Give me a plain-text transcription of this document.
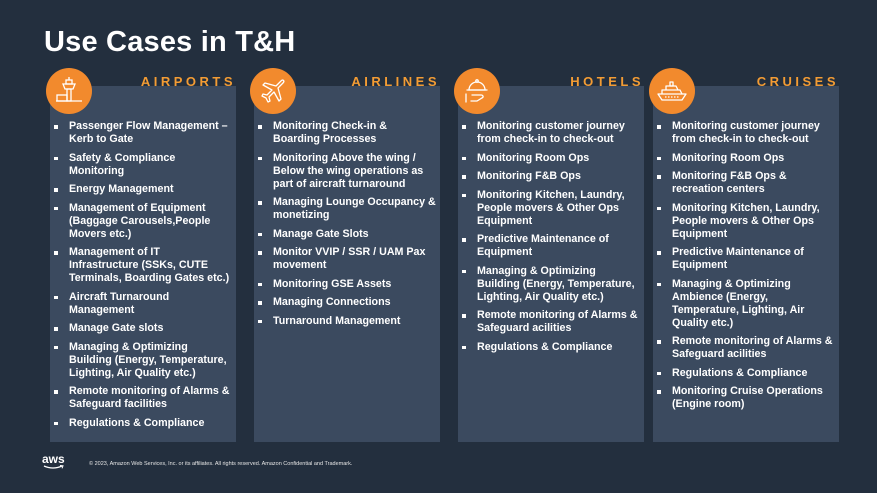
Use Cases in T&H
AIRPORTS
Passenger Flow Management – Kerb to Gate
Safety & Compliance Monitoring
Energy Management
Management of Equipment (Baggage Carousels,People Movers etc.)
Management of IT Infrastructure (SSKs, CUTE Terminals, Boarding Gates etc.)
Aircraft Turnaround Management
Manage Gate slots
Managing & Optimizing Building (Energy, Temperature, Lighting, Air Quality etc.)
Remote monitoring of Alarms & Safeguard facilities
Regulations & Compliance
AIRLINES
Monitoring Check-in & Boarding Processes
Monitoring Above the wing / Below the wing operations as part of aircraft turnaround
Managing Lounge Occupancy & monetizing
Manage Gate Slots
Monitor VVIP / SSR / UAM Pax movement
Monitoring GSE Assets
Managing Connections
Turnaround Management
HOTELS
Monitoring customer journey from check-in to check-out
Monitoring Room Ops
Monitoring F&B Ops
Monitoring Kitchen, Laundry, People movers & Other Ops Equipment
Predictive Maintenance of Equipment
Managing & Optimizing Building (Energy, Temperature, Lighting, Air Quality etc.)
Remote monitoring of Alarms & Safeguard acilities
Regulations & Compliance
CRUISES
Monitoring customer journey from check-in to check-out
Monitoring Room Ops
Monitoring F&B Ops & recreation centers
Monitoring Kitchen, Laundry, People movers & Other Ops Equipment
Predictive Maintenance of Equipment
Managing & Optimizing Ambience (Energy, Temperature, Lighting, Air Quality etc.)
Remote monitoring of Alarms & Safeguard acilities
Regulations & Compliance
Monitoring Cruise Operations (Engine room)
aws	© 2023, Amazon Web Services, Inc. or its affiliates. All rights reserved. Amazon Confidential and Trademark.
